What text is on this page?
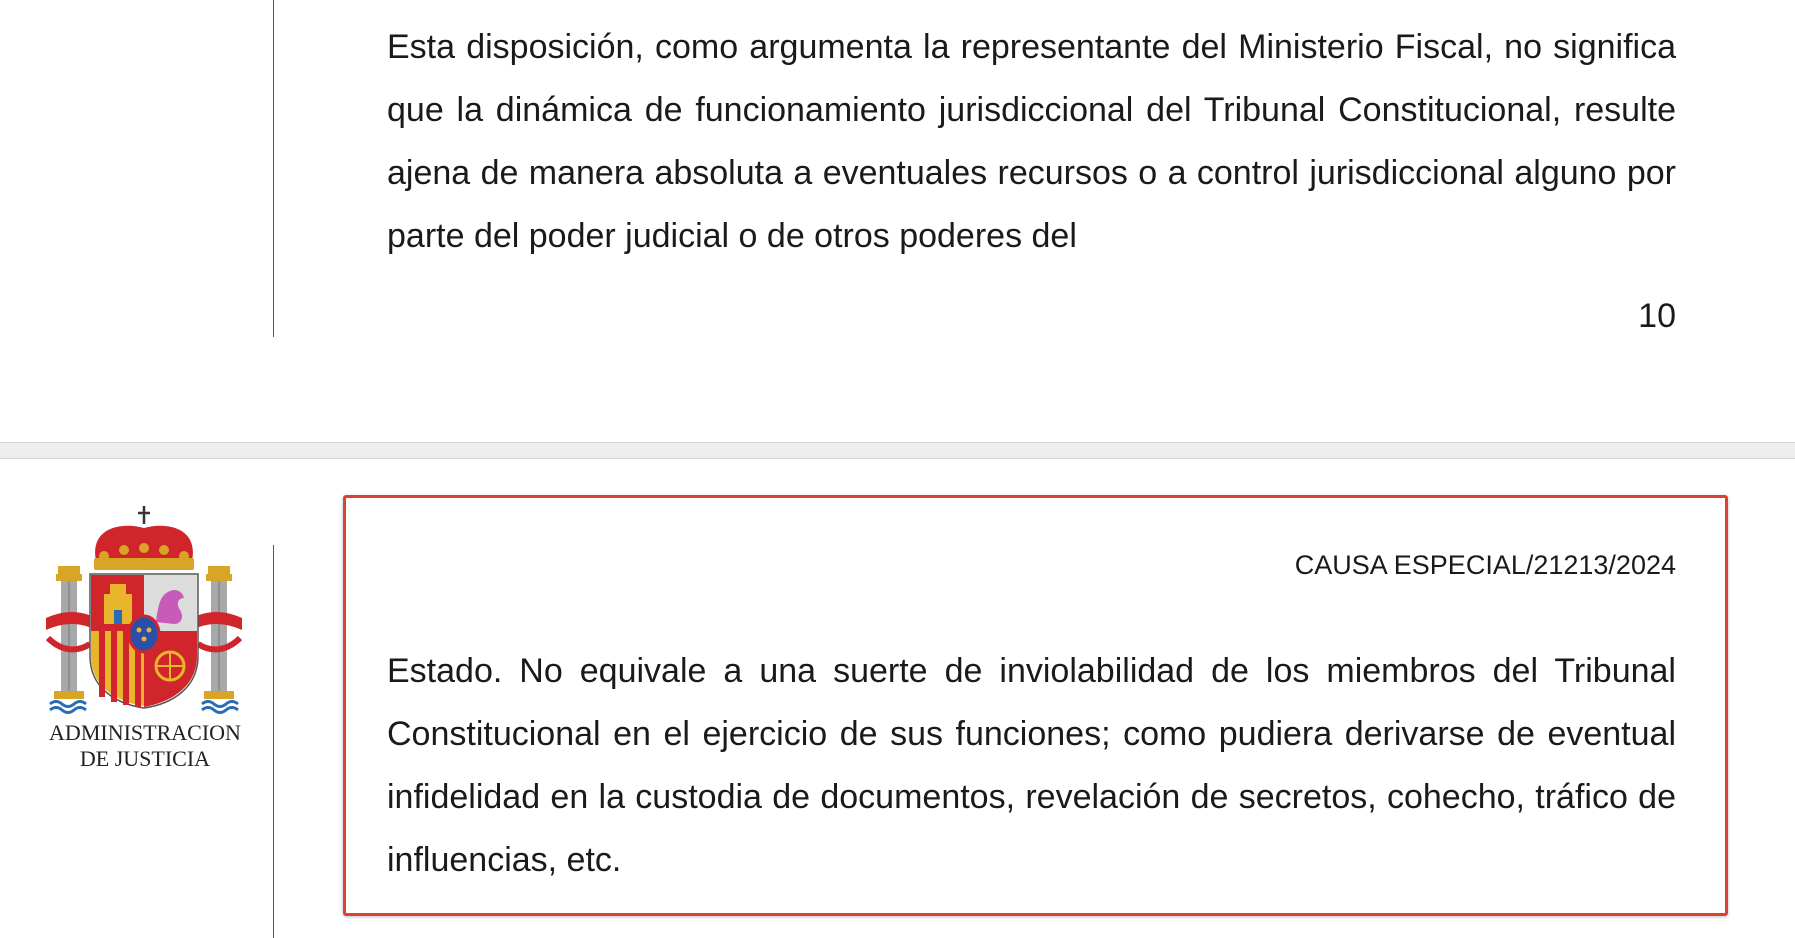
Esta disposición, como argumenta la representante del Ministerio Fiscal, no significa que la dinámica de funcionamiento jurisdiccional del Tribunal Constitucional, resulte ajena de manera absoluta a eventuales recursos o a control jurisdiccional alguno por parte del poder judicial o de otros poderes del

10
ADMINISTRACION
DE JUSTICIA
CAUSA ESPECIAL/21213/2024

Estado. No equivale a una suerte de inviolabilidad de los miembros del Tribunal Constitucional en el ejercicio de sus funciones; como pudiera derivarse de eventual infidelidad en la custodia de documentos, revelación de secretos, cohecho, tráfico de influencias, etc.
